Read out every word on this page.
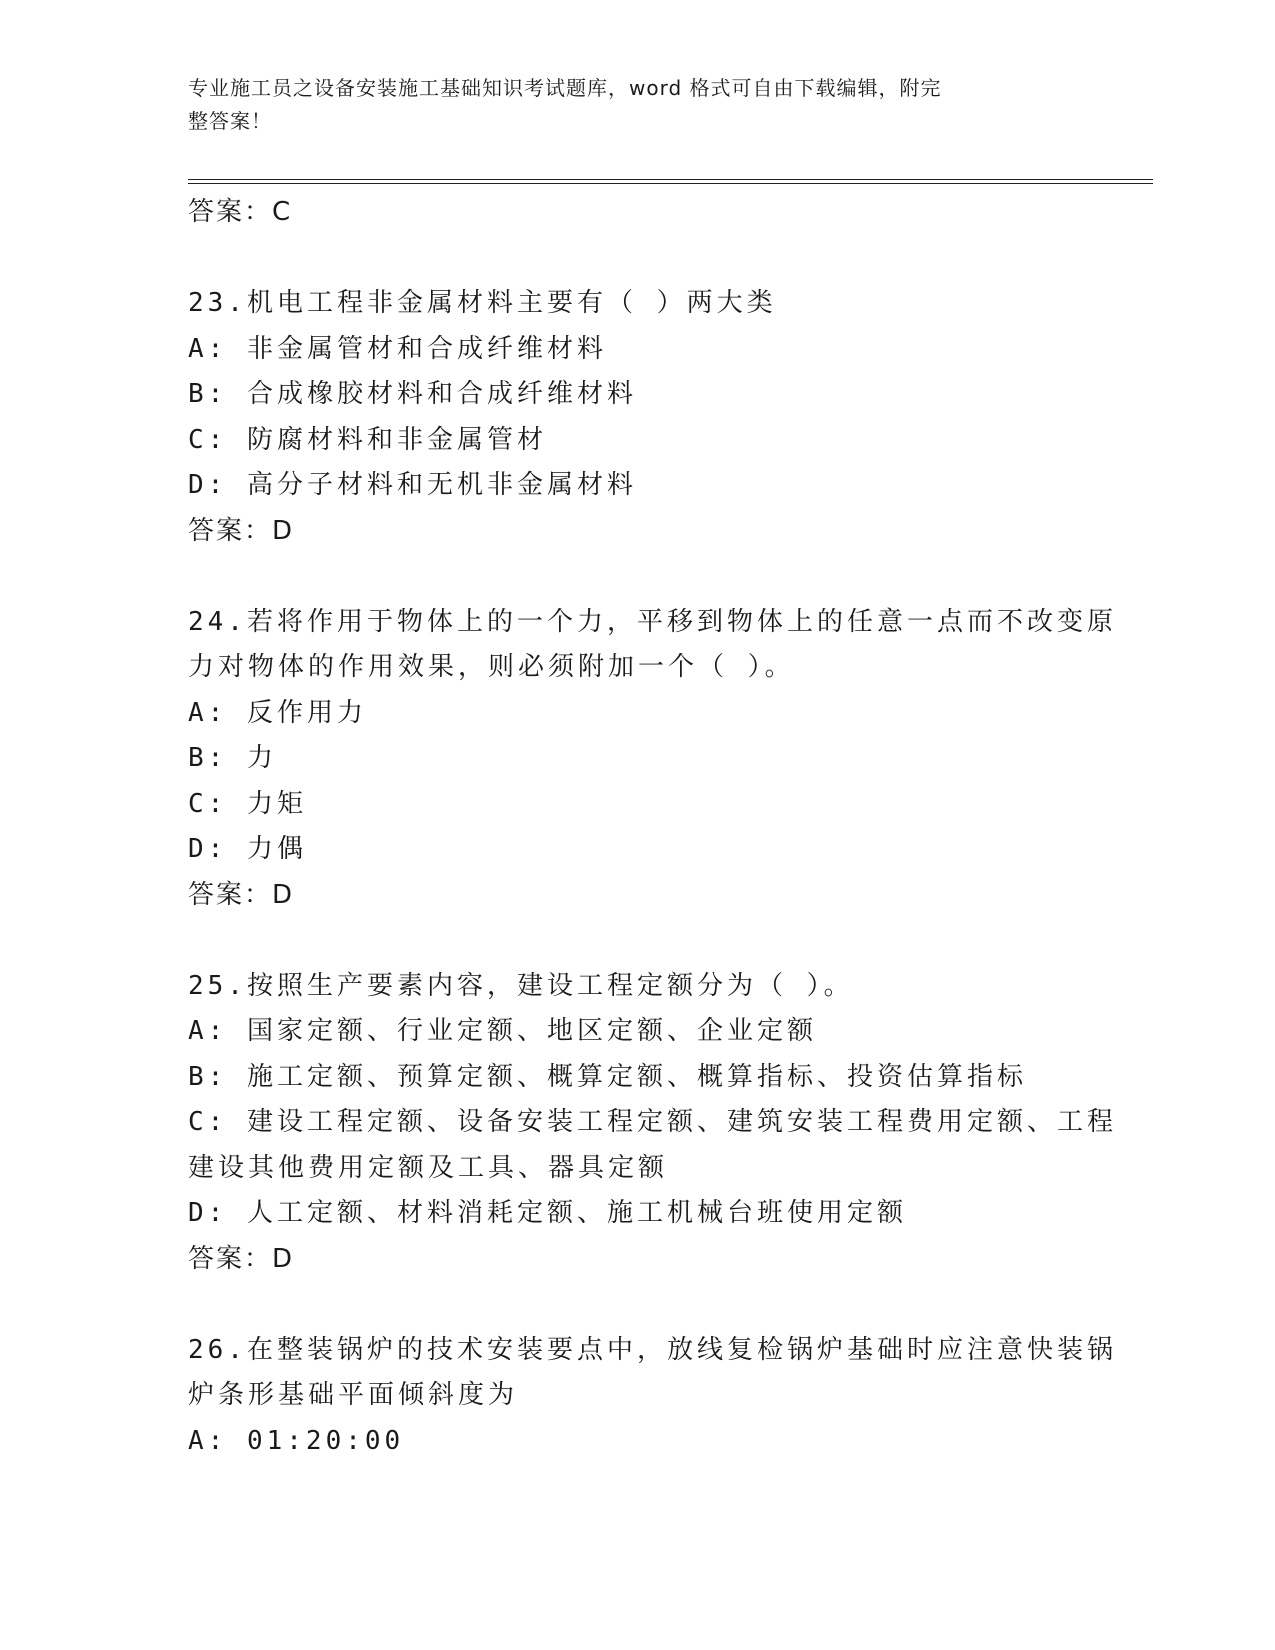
专业施工员之设备安装施工基础知识考试题库，word 格式可自由下载编辑，附完
整答案！
答案：C
23.机电工程非金属材料主要有（ ）两大类
A: 非金属管材和合成纤维材料
B: 合成橡胶材料和合成纤维材料
C: 防腐材料和非金属管材
D: 高分子材料和无机非金属材料
答案：D
24.若将作用于物体上的一个力，平移到物体上的任意一点而不改变原
力对物体的作用效果，则必须附加一个（ ）。
A: 反作用力
B: 力
C: 力矩
D: 力偶
答案：D
25.按照生产要素内容，建设工程定额分为（ ）。
A: 国家定额、行业定额、地区定额、企业定额
B: 施工定额、预算定额、概算定额、概算指标、投资估算指标
C: 建设工程定额、设备安装工程定额、建筑安装工程费用定额、工程
建设其他费用定额及工具、器具定额
D: 人工定额、材料消耗定额、施工机械台班使用定额
答案：D
26.在整装锅炉的技术安装要点中，放线复检锅炉基础时应注意快装锅
炉条形基础平面倾斜度为
A: 01:20:00
